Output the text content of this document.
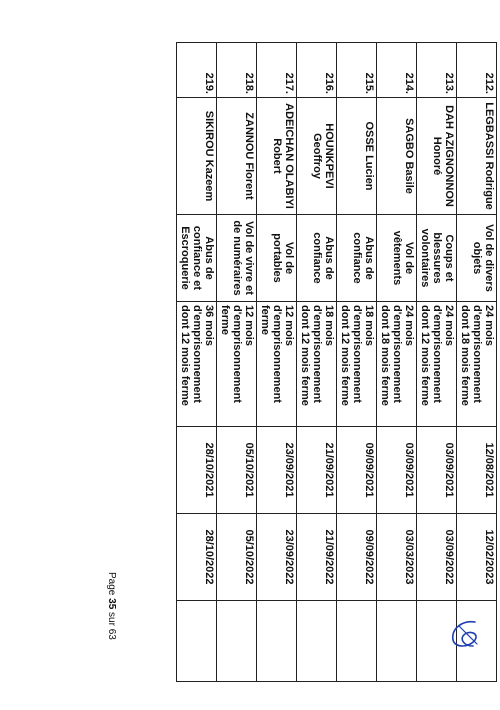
212.	LEGBASSI Rodrigue	Vol de divers objets	24 mois d'emprisonnement dont 18 mois ferme	12/08/2021	12/02/2023	
213.	DAH AZIGNONNON Honoré	Coups et blessures volontaires	24 mois d'emprisonnement dont 12 mois ferme	03/09/2021	03/09/2022	
214.	SAGBO Basile	Vol de vêtements	24 mois d'emprisonnement dont 18 mois ferme	03/09/2021	03/03/2023	
215.	OSSE Lucien	Abus de confiance	18 mois d'emprisonnement dont 12 mois ferme	09/09/2021	09/09/2022	
216.	HOUNKPEVI Geoffroy	Abus de confiance	18 mois d'emprisonnement dont 12 mois ferme	21/09/2021	21/09/2022	
217.	ADEICHAN OLABIYI Robert	Vol de portables	12 mois d'emprisonnement ferme	23/09/2021	23/09/2022	
218.	ZANNOU Florent	Vol de vivre et de numéraires	12 mois d'emprisonnement ferme	05/10/2021	05/10/2022	
219.	SIKIROU Kazeem	Abus de confiance et Escroquerie	36 mois d'emprisonnement dont 12 mois ferme	28/10/2021	28/10/2022	
Page 35 sur 63
